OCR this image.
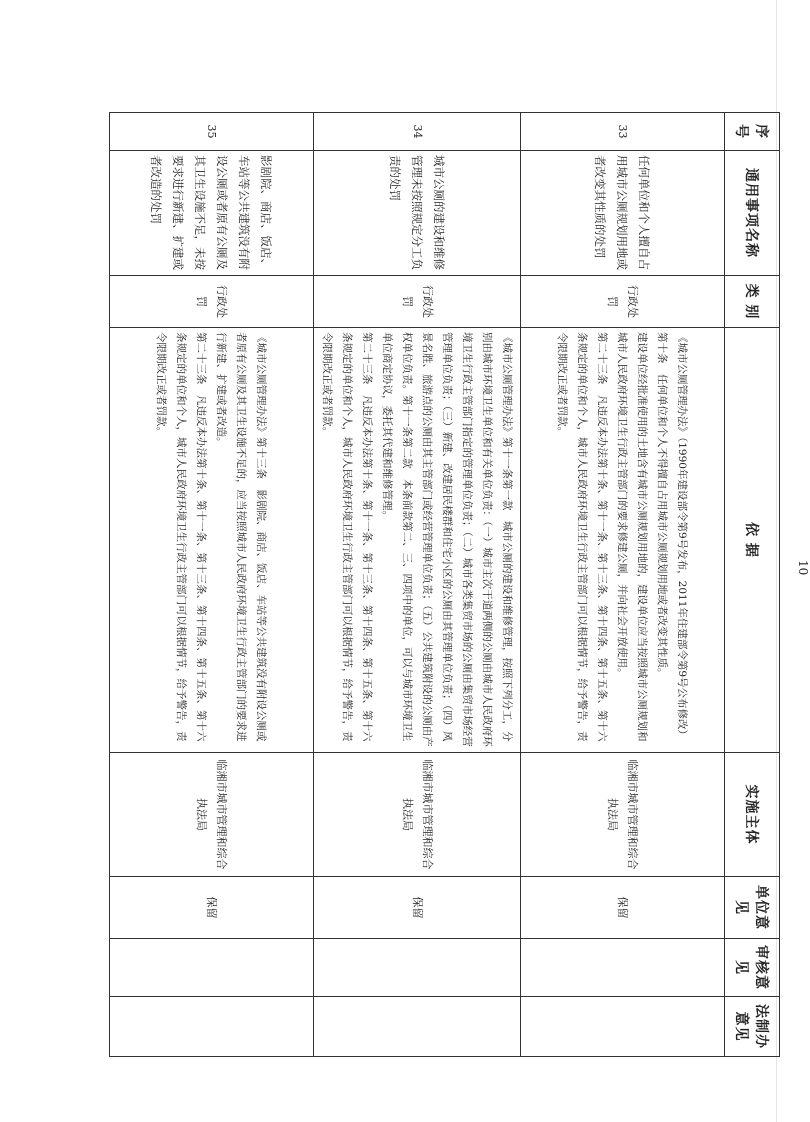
序号	通用事项名称	类 别	依 据	实施主体	单位意见	审核意见	法制办意见
33	任何单位和个人擅自占用城市公厕规划用地或者改变其性质的处罚	行政处罚	《城市公厕管理办法》（1990年建设部令第9号发布，2011年住建部令第9号公布修改）第十条　任何单位和个人不得擅自占用城市公厕规划用地或者改变其性质。

建设单位经批准使用的土地含有城市公厕规划用地的，建设单位应当按照城市公厕规划和城市人民政府环境卫生行政主管部门的要求修建公厕，并向社会开放使用。

第二十三条　凡违反本办法第十条、第十一条、第十三条、第十四条、第十五条、第十六条规定的单位和个人，城市人民政府环境卫生行政主管部门可以根据情节，给予警告，责令限期改正或者罚款。	临湘市城市管理和综合执法局	保留		
34	城市公厕的建设和维修管理未按照规定分工负责的处罚	行政处罚	《城市公厕管理办法》第十一条第一款　城市公厕的建设和维修管理，按照下列分工，分别由城市环境卫生单位和有关单位负责：（一）城市主次干道两侧的公厕由城市人民政府环境卫生行政主管部门指定的管理单位负责；（二）城市各类集贸市场的公厕由集贸市场经营管理单位负责；（三）新建、改建居民楼群和住宅小区的公厕由其管理单位负责；（四）风景名胜、旅游点的公厕由其主管部门或经营管理单位负责；（五）公共建筑附设的公厕由产权单位负责。第十一条第二款　本条前款第二、三、四项中的单位，可以与城市环境卫生单位商定协议，委托其代建和维修管理。

第二十三条　凡违反本办法第十条、第十一条、第十三条、第十四条、第十五条、第十六条规定的单位和个人，城市人民政府环境卫生行政主管部门可以根据情节，给予警告，责令限期改正或者罚款。	临湘市城市管理和综合执法局	保留		
35	影剧院、商店、饭店、车站等公共建筑没有附设公厕或者原有公厕及其卫生设施不足，未按要求进行新建、扩建或者改造的处罚	行政处罚	《城市公厕管理办法》第十三条　影剧院、商店、饭店、车站等公共建筑没有附设公厕或者原有公厕及其卫生设施不足的，应当按照城市人民政府环境卫生行政主管部门的要求进行新建、扩建或者改造。

第二十三条　凡违反本办法第十条、第十一条、第十三条、第十四条、第十五条、第十六条规定的单位和个人，城市人民政府环境卫生行政主管部门可以根据情节，给予警告，责令限期改正或者罚款。	临湘市城市管理和综合执法局	保留		
10
